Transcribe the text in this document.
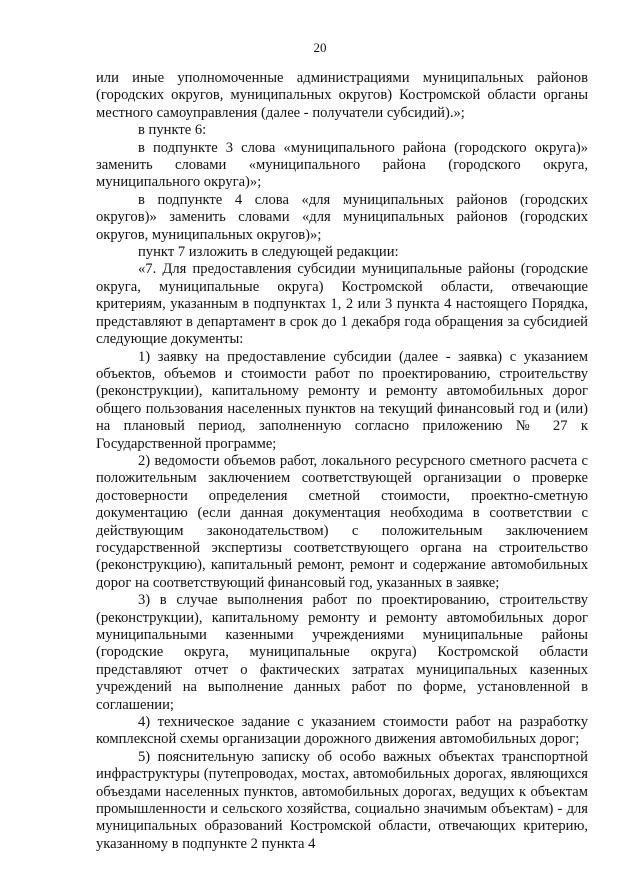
20

или иные уполномоченные администрациями муниципальных районов (городских округов, муниципальных округов) Костромской области органы местного самоуправления (далее - получатели субсидий).»;

в пункте 6:

в подпункте 3 слова «муниципального района (городского округа)» заменить словами «муниципального района (городского округа, муниципального округа)»;

в подпункте 4 слова «для муниципальных районов (городских округов)» заменить словами «для муниципальных районов (городских округов, муниципальных округов)»;

пункт 7 изложить в следующей редакции:

«7. Для предоставления субсидии муниципальные районы (городские округа, муниципальные округа) Костромской области, отвечающие критериям, указанным в подпунктах 1, 2 или 3 пункта 4 настоящего Порядка, представляют в департамент в срок до 1 декабря года обращения за субсидией следующие документы:

1) заявку на предоставление субсидии (далее - заявка) с указанием объектов, объемов и стоимости работ по проектированию, строительству (реконструкции), капитальному ремонту и ремонту автомобильных дорог общего пользования населенных пунктов на текущий финансовый год и (или) на плановый период, заполненную согласно приложению № 27 к Государственной программе;

2) ведомости объемов работ, локального ресурсного сметного расчета с положительным заключением соответствующей организации о проверке достоверности определения сметной стоимости, проектно-сметную документацию (если данная документация необходима в соответствии с действующим законодательством) с положительным заключением государственной экспертизы соответствующего органа на строительство (реконструкцию), капитальный ремонт, ремонт и содержание автомобильных дорог на соответствующий финансовый год, указанных в заявке;

3) в случае выполнения работ по проектированию, строительству (реконструкции), капитальному ремонту и ремонту автомобильных дорог муниципальными казенными учреждениями муниципальные районы (городские округа, муниципальные округа) Костромской области представляют отчет о фактических затратах муниципальных казенных учреждений на выполнение данных работ по форме, установленной в соглашении;

4) техническое задание с указанием стоимости работ на разработку комплексной схемы организации дорожного движения автомобильных дорог;

5) пояснительную записку об особо важных объектах транспортной инфраструктуры (путепроводах, мостах, автомобильных дорогах, являющихся объездами населенных пунктов, автомобильных дорогах, ведущих к объектам промышленности и сельского хозяйства, социально значимым объектам) - для муниципальных образований Костромской области, отвечающих критерию, указанному в подпункте 2 пункта 4
